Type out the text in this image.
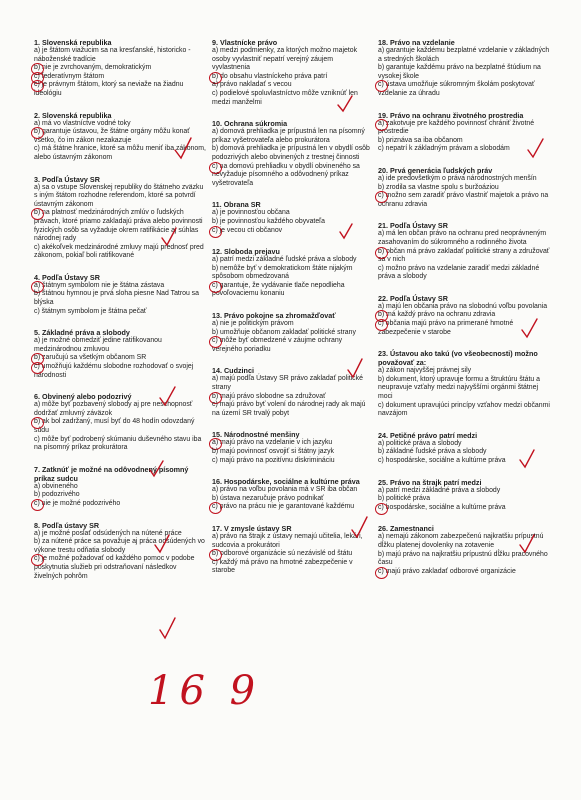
1. Slovenská republika
a) je štátom viažucim sa na kresťanské, historicko - náboženské tradície
b) nie je zvrchovaným, demokratickým
c) federatívnym štátom
c) je právnym štátom, ktorý sa neviaže na žiadnu ideológiu
2. Slovenská republika
a) má vo vlastníctve vodné toky
b) garantuje ústavou, že štátne orgány môžu konať všetko, čo im zákon nezakazuje
c) má štátne hranice, ktoré sa môžu meniť iba zákonom, alebo ústavným zákonom
3. Podľa Ústavy SR
a) sa o vstupe Slovenskej republiky do štátneho zväzku s iným štátom rozhodne referendom, ktoré sa potvrdí ústavným zákonom
b) na platnosť medzinárodných zmlúv o ľudských právach, ktoré priamo zakladajú práva alebo povinnosti fyzických osôb sa vyžaduje okrem ratifikácie aj súhlas národnej rady
c) akékoľvek medzinárodné zmluvy majú prednosť pred zákonom, pokiaľ boli ratifikované
4. Podľa Ústavy SR
a) štátnym symbolom nie je štátna zástava
b) štátnou hymnou je prvá sloha piesne Nad Tatrou sa blýska
c) štátnym symbolom je štátna pečať
5. Základné práva a slobody
a) je možné obmedziť jedine ratifikovanou medzinárodnou zmluvou
b) zaručujú sa všetkým občanom SR
c) umožňujú každému slobodne rozhodovať o svojej národnosti
6. Obvinený alebo podozrivý
a) môže byť pozbavený slobody aj pre neschopnosť dodržať zmluvný záväzok
b) ak bol zadržaný, musí byť do 48 hodín odovzdaný súdu
c) môže byť podrobený skúmaniu duševného stavu iba na písomný príkaz prokurátora
7. Zatknúť je možné na odôvodnený písomný príkaz sudcu
a) obvineného
b) podozrivého
c) nie je možné podozrivého
8. Podľa ústavy SR
a) je možné poslať odsúdených na nútené práce
b) za nútené práce sa považuje aj práca odsúdených vo výkone trestu odňatia slobody
c) je možné požadovať od každého pomoc v podobe poskytnutia služieb pri odstraňovaní následkov živelných pohrôm
9. Vlastnícke právo
a) medzi podmienky, za ktorých možno majetok osoby vyvlastniť nepatrí verejný záujem vyvlastnenia
b) do obsahu vlastníckeho práva patrí
a) právo nakladať s vecou
c) podielové spoluvlastníctvo môže vzniknúť len medzi manželmi
10. Ochrana súkromia
a) domová prehliadka je prípustná len na písomný príkaz vyšetrovateľa alebo prokurátora
b) domová prehliadka je prípustná len v obydlí osôb podozrivých alebo obvinených z trestnej činnosti
c) na domovú prehliadku v obydlí obvineného sa nevyžaduje písomného a odôvodnený príkaz vyšetrovateľa
11. Obrana SR
a) je povinnosťou občana
b) je povinnosťou každého obyvateľa
c) je vecou cti občanov
12. Sloboda prejavu
a) patrí medzi základné ľudské práva a slobody
b) nemôže byť v demokratickom štáte nijakým spôsobom obmedzovaná
c) garantuje, že vydávanie tlače nepodlieha povoľovaciemu konaniu
13. Právo pokojne sa zhromažďovať
a) nie je politickým právom
b) umožňuje občanom zakladať politické strany
c) môže byť obmedzené v záujme ochrany verejného poriadku
14. Cudzinci
a) majú podľa Ústavy SR právo zakladať politické strany
b) majú právo slobodne sa združovať
c) majú právo byť volení do národnej rady ak majú na území SR trvalý pobyt
15. Národnostné menšiny
a) majú právo na vzdelanie v ich jazyku
b) majú povinnosť osvojiť si štátny jazyk
c) majú právo na pozitívnu diskrimináciu
16. Hospodárske, sociálne a kultúrne práva
a) právo na voľbu povolania má v SR iba občan
b) ústava nezaručuje právo podnikať
c) právo na prácu nie je garantované každému
17. V zmysle ústavy SR
a) právo na štrajk z ústavy nemajú učitelia, lekári, sudcovia a prokurátori
b) odborové organizácie sú nezávislé od štátu
c) každý má právo na hmotné zabezpečenie v starobe
18. Právo na vzdelanie
a) garantuje každému bezplatné vzdelanie v základných a stredných školách
b) garantuje každému právo na bezplatné štúdium na vysokej škole
c) ústava umožňuje súkromným školám poskytovať vzdelanie za úhradu
19. Právo na ochranu životného prostredia
a) zakotvuje pre každého povinnosť chrániť životné prostredie
b) priznáva sa iba občanom
c) nepatrí k základným právam a slobodám
20. Prvá generácia ľudských práv
a) ide predovšetkým o práva národnostných menšín
b) zrodila sa vlastne spolu s buržoáziou
c) možno sem zaradiť právo vlastniť majetok a právo na ochranu zdravia
21. Podľa Ústavy SR
a) má len občan právo na ochranu pred neoprávneným zasahovaním do súkromného a rodinného života
b) občan má právo zakladať politické strany a združovať sa v nich
c) možno právo na vzdelanie zaradiť medzi základné práva a slobody
22. Podľa Ústavy SR
a) majú len občania právo na slobodnú voľbu povolania
b) má každý právo na ochranu zdravia
c) občania majú právo na primerané hmotné zabezpečenie v starobe
23. Ústavou ako takú (vo všeobecnosti) možno považovať za:
a) zákon najvyššej právnej sily
b) dokument, ktorý upravuje formu a štruktúru štátu a neupravuje vzťahy medzi najvyššími orgánmi štátnej moci
c) dokument upravujúci princípy vzťahov medzi občanmi navzájom
24. Petičné právo patrí medzi
a) politické práva a slobody
b) základné ľudské práva a slobody
c) hospodárske, sociálne a kultúrne práva
25. Právo na štrajk patrí medzi
a) patrí medzi základné práva a slobody
b) politické práva
c) hospodárske, sociálne a kultúrne práva
26. Zamestnanci
a) nemajú zákonom zabezpečenú najkratšiu prípustnú dĺžku platenej dovolenky na zotavenie
b) majú právo na najkratšiu prípustnú dĺžku pracovného času
c) majú právo zakladať odborové organizácie
16 9
